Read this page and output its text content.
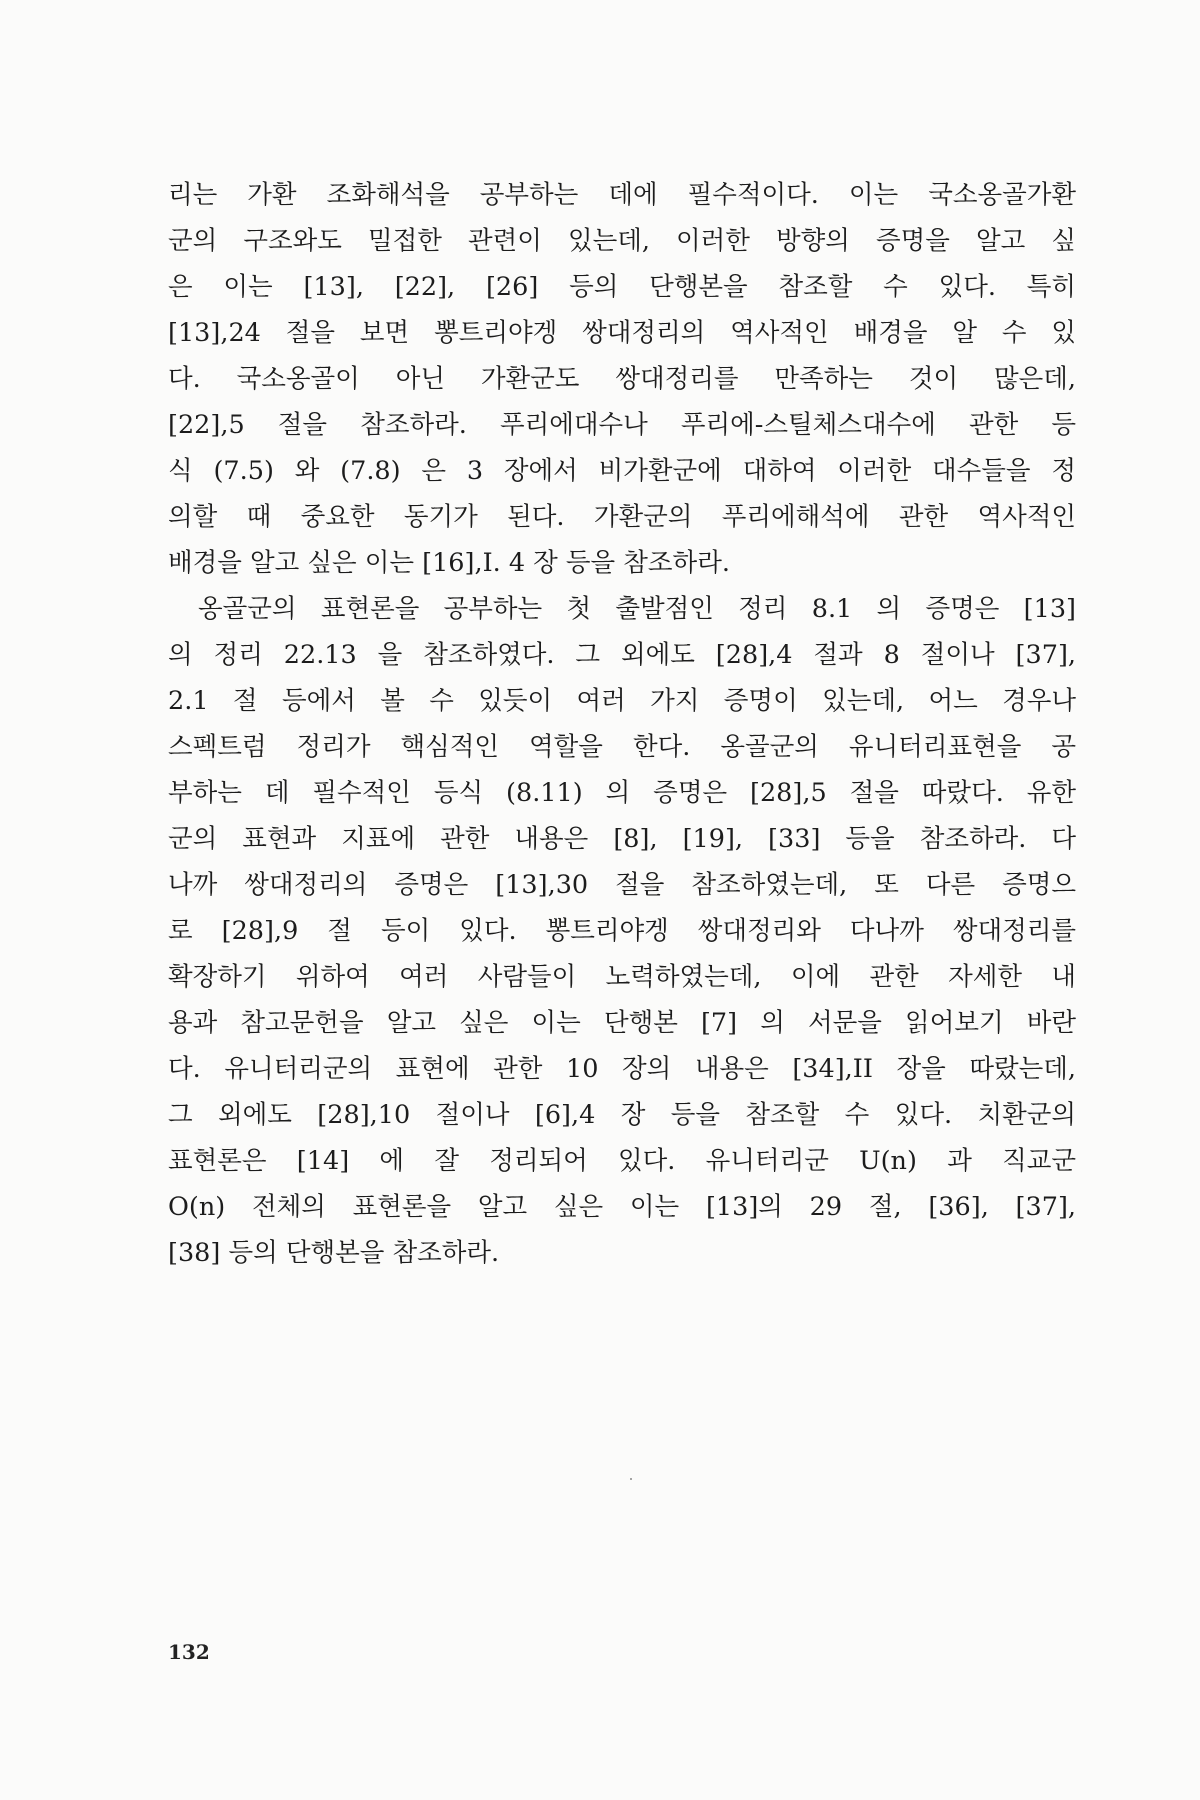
리는 가환 조화해석을 공부하는 데에 필수적이다. 이는 국소옹골가환
군의 구조와도 밀접한 관련이 있는데, 이러한 방향의 증명을 알고 싶
은 이는 [13], [22], [26] 등의 단행본을 참조할 수 있다. 특히
[13],24 절을 보면 뽕트리야겡 쌍대정리의 역사적인 배경을 알 수 있
다. 국소옹골이 아닌 가환군도 쌍대정리를 만족하는 것이 많은데,
[22],5 절을 참조하라. 푸리에대수나 푸리에-스틸체스대수에 관한 등
식 (7.5) 와 (7.8) 은 3 장에서 비가환군에 대하여 이러한 대수들을 정
의할 때 중요한 동기가 된다. 가환군의 푸리에해석에 관한 역사적인
배경을 알고 싶은 이는 [16],I. 4 장 등을 참조하라.
옹골군의 표현론을 공부하는 첫 출발점인 정리 8.1 의 증명은 [13]
의 정리 22.13 을 참조하였다. 그 외에도 [28],4 절과 8 절이나 [37],
2.1 절 등에서 볼 수 있듯이 여러 가지 증명이 있는데, 어느 경우나
스펙트럼 정리가 핵심적인 역할을 한다. 옹골군의 유니터리표현을 공
부하는 데 필수적인 등식 (8.11) 의 증명은 [28],5 절을 따랐다. 유한
군의 표현과 지표에 관한 내용은 [8], [19], [33] 등을 참조하라. 다
나까 쌍대정리의 증명은 [13],30 절을 참조하였는데, 또 다른 증명으
로 [28],9 절 등이 있다. 뽕트리야겡 쌍대정리와 다나까 쌍대정리를
확장하기 위하여 여러 사람들이 노력하였는데, 이에 관한 자세한 내
용과 참고문헌을 알고 싶은 이는 단행본 [7] 의 서문을 읽어보기 바란
다. 유니터리군의 표현에 관한 10 장의 내용은 [34],II 장을 따랐는데,
그 외에도 [28],10 절이나 [6],4 장 등을 참조할 수 있다. 치환군의
표현론은 [14] 에 잘 정리되어 있다. 유니터리군 U(n) 과 직교군
O(n) 전체의 표현론을 알고 싶은 이는 [13]의 29 절, [36], [37],
[38] 등의 단행본을 참조하라.
132
